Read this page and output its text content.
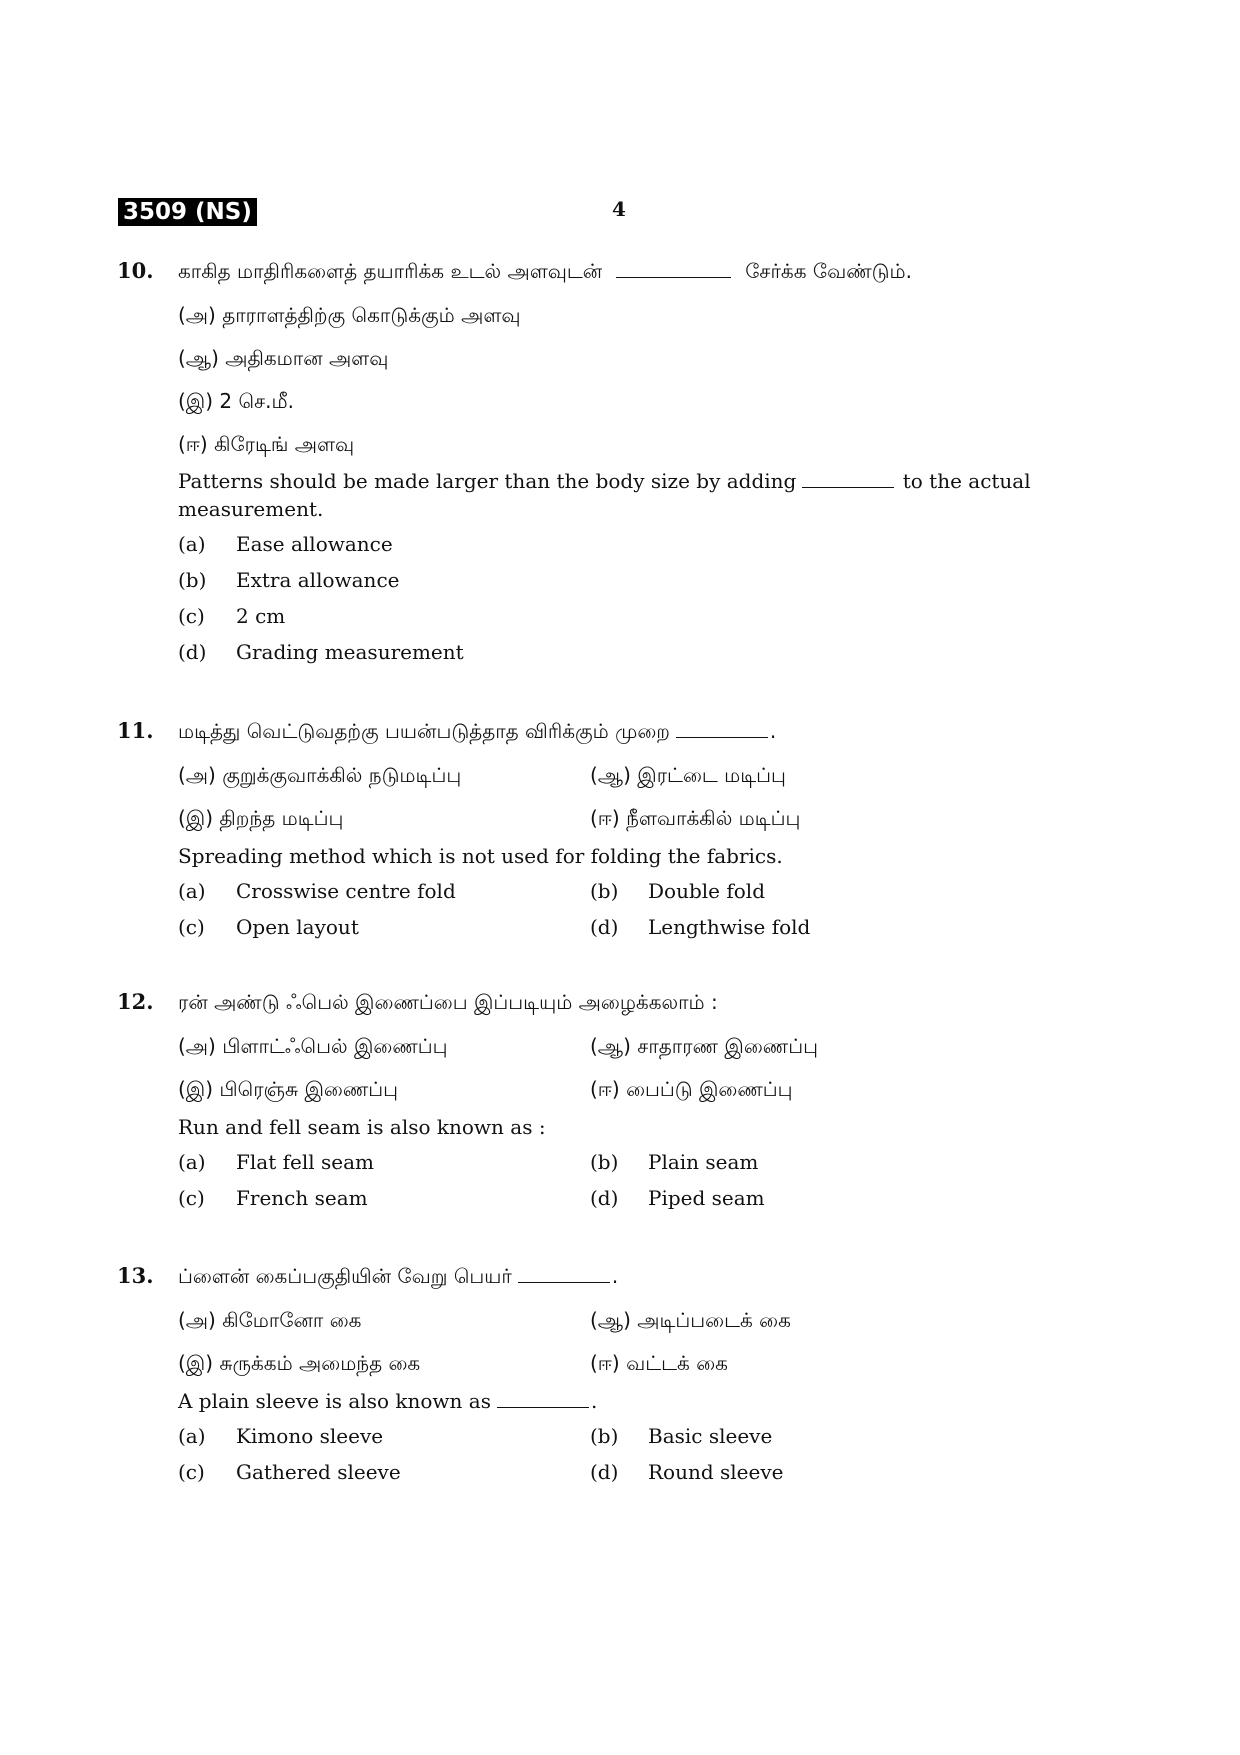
3509 (NS)	4
10. காகித மாதிரிகளைத் தயாரிக்க உடல் அளவுடன்	சேர்க்க வேண்டும்.
(அ) தாராளத்திற்கு கொடுக்கும் அளவு
(ஆ) அதிகமான அளவு
(இ) 2 செ.மீ.
(ஈ) கிரேடிங் அளவு
Patterns should be made larger than the body size by adding	to the actual
measurement.
(a) Ease allowance
(b) Extra allowance
(c) 2 cm
(d) Grading measurement
11. மடித்து வெட்டுவதற்கு பயன்படுத்தாத விரிக்கும் முறை	.
(அ) குறுக்குவாக்கில் நடுமடிப்பு	(ஆ) இரட்டை மடிப்பு
(இ) திறந்த மடிப்பு	(ஈ) நீளவாக்கில் மடிப்பு
Spreading method which is not used for folding the fabrics.
(a) Crosswise centre fold	(b) Double fold
(c) Open layout	(d) Lengthwise fold
12. ரன் அண்டு ஃபெல் இணைப்பை இப்படியும் அழைக்கலாம் :
(அ) பிளாட்ஃபெல் இணைப்பு	(ஆ) சாதாரண இணைப்பு
(இ) பிரெஞ்சு இணைப்பு	(ஈ) பைப்டு இணைப்பு
Run and fell seam is also known as :
(a) Flat fell seam	(b) Plain seam
(c) French seam	(d) Piped seam
13. ப்ளைன் கைப்பகுதியின் வேறு பெயர்	.
(அ) கிமோனோ கை	(ஆ) அடிப்படைக் கை
(இ) சுருக்கம் அமைந்த கை	(ஈ) வட்டக் கை
A plain sleeve is also known as	.
(a) Kimono sleeve	(b) Basic sleeve
(c) Gathered sleeve	(d) Round sleeve
